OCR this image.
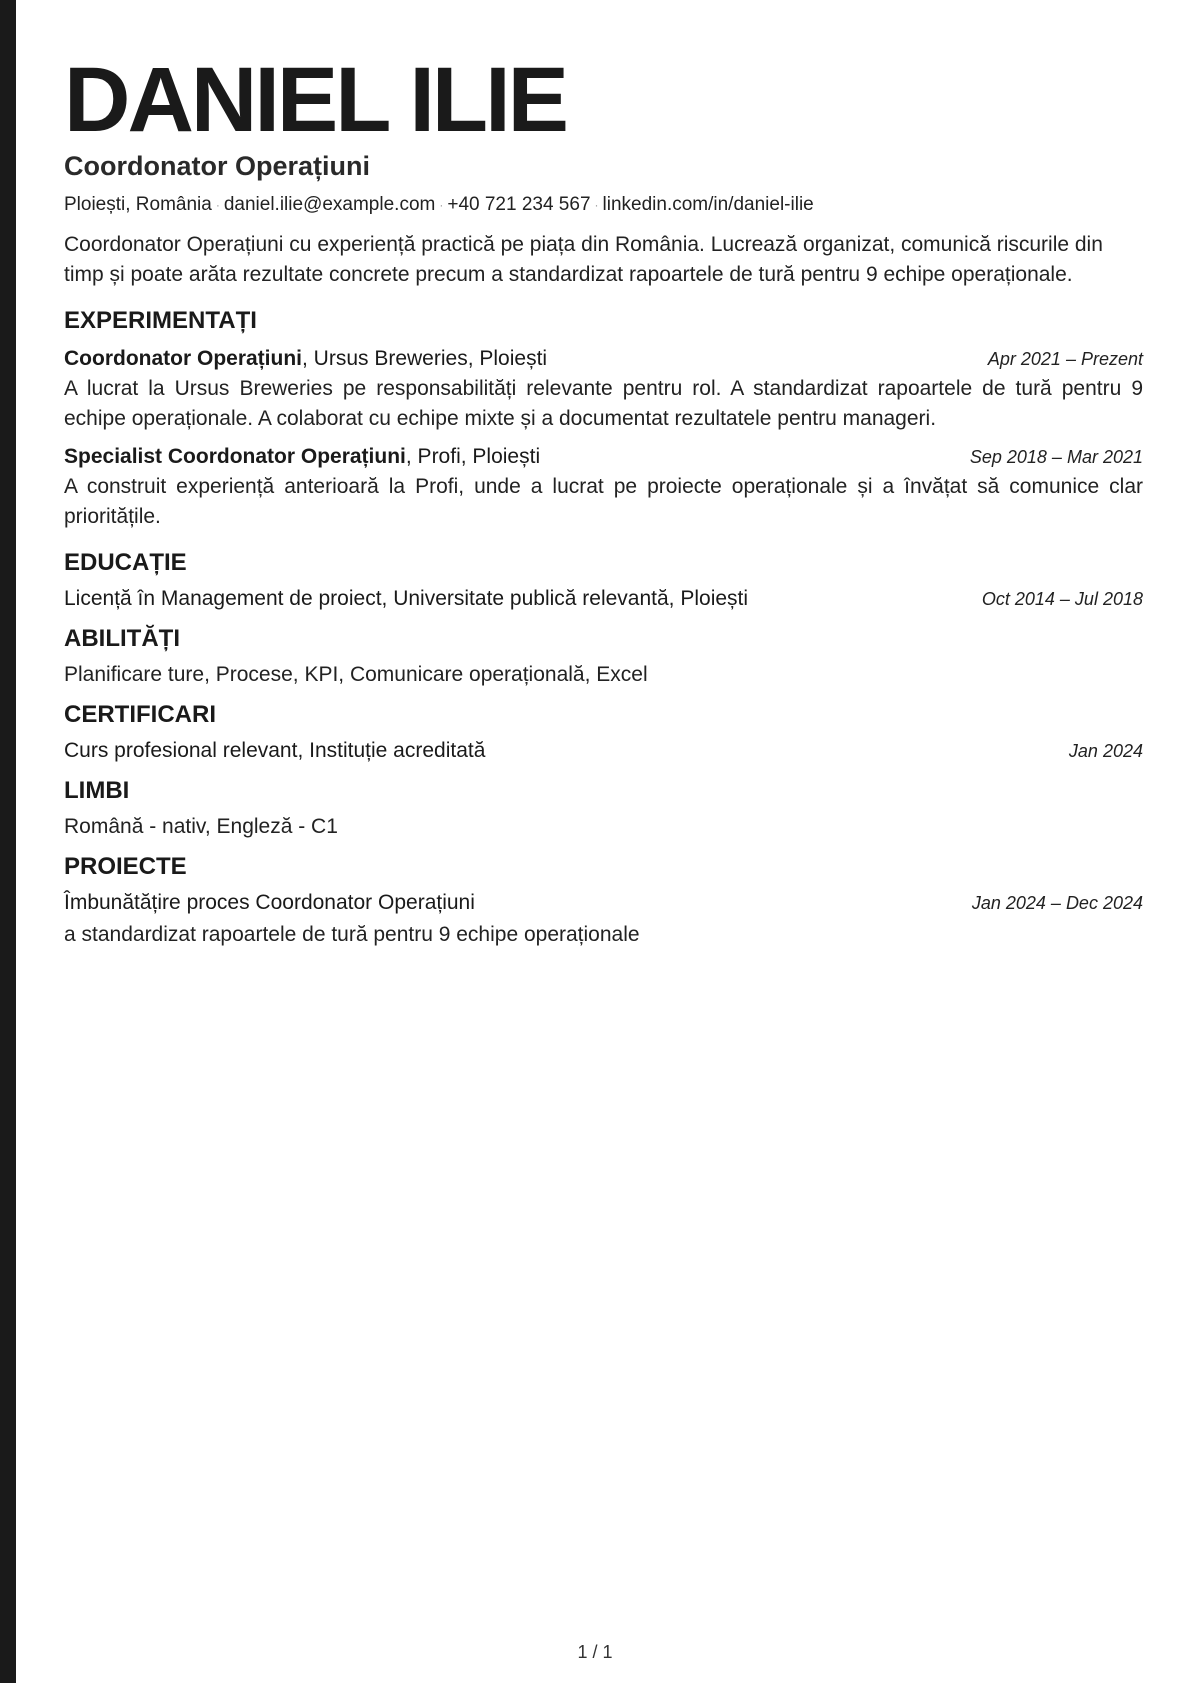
DANIEL ILIE
Coordonator Operațiuni
Ploiești, România · daniel.ilie@example.com · +40 721 234 567 · linkedin.com/in/daniel-ilie
Coordonator Operațiuni cu experiență practică pe piața din România. Lucrează organizat, comunică riscurile din timp și poate arăta rezultate concrete precum a standardizat rapoartele de tură pentru 9 echipe operaționale.
EXPERIMENTAȚI
Coordonator Operațiuni, Ursus Breweries, Ploiești	Apr 2021 – Prezent
A lucrat la Ursus Breweries pe responsabilități relevante pentru rol. A standardizat rapoartele de tură pentru 9 echipe operaționale. A colaborat cu echipe mixte și a documentat rezultatele pentru manageri.
Specialist Coordonator Operațiuni, Profi, Ploiești	Sep 2018 – Mar 2021
A construit experiență anterioară la Profi, unde a lucrat pe proiecte operaționale și a învățat să comunice clar prioritățile.
EDUCAȚIE
Licență în Management de proiect, Universitate publică relevantă, Ploiești	Oct 2014 – Jul 2018
ABILITĂȚI
Planificare ture, Procese, KPI, Comunicare operațională, Excel
CERTIFICARI
Curs profesional relevant, Instituție acreditată	Jan 2024
LIMBI
Română - nativ, Engleză - C1
PROIECTE
Îmbunătățire proces Coordonator Operațiuni	Jan 2024 – Dec 2024
a standardizat rapoartele de tură pentru 9 echipe operaționale
1 / 1
